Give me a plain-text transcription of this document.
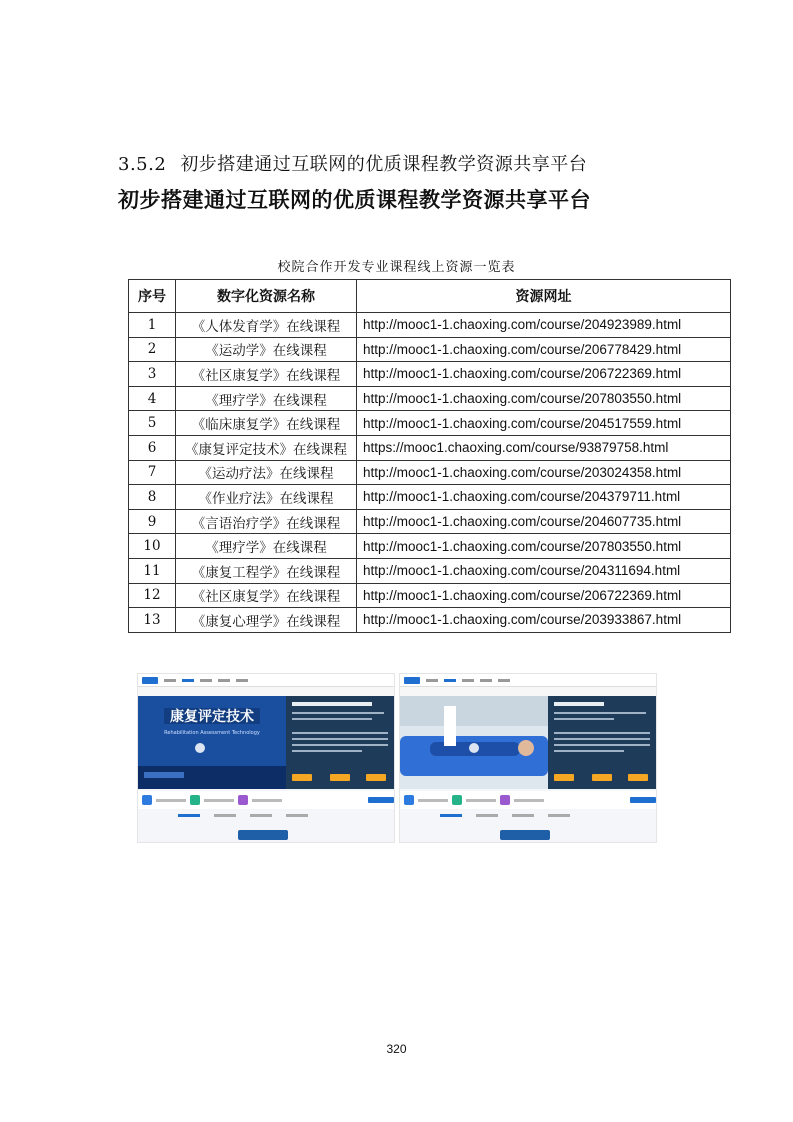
3.5.2 初步搭建通过互联网的优质课程教学资源共享平台
初步搭建通过互联网的优质课程教学资源共享平台
校院合作开发专业课程线上资源一览表
序号	数字化资源名称	资源网址
1	《人体发育学》在线课程	http://mooc1-1.chaoxing.com/course/204923989.html
2	《运动学》在线课程	http://mooc1-1.chaoxing.com/course/206778429.html
3	《社区康复学》在线课程	http://mooc1-1.chaoxing.com/course/206722369.html
4	《理疗学》在线课程	http://mooc1-1.chaoxing.com/course/207803550.html
5	《临床康复学》在线课程	http://mooc1-1.chaoxing.com/course/204517559.html
6	《康复评定技术》在线课程	https://mooc1.chaoxing.com/course/93879758.html
7	《运动疗法》在线课程	http://mooc1-1.chaoxing.com/course/203024358.html
8	《作业疗法》在线课程	http://mooc1-1.chaoxing.com/course/204379711.html
9	《言语治疗学》在线课程	http://mooc1-1.chaoxing.com/course/204607735.html
10	《理疗学》在线课程	http://mooc1-1.chaoxing.com/course/207803550.html
11	《康复工程学》在线课程	http://mooc1-1.chaoxing.com/course/204311694.html
12	《社区康复学》在线课程	http://mooc1-1.chaoxing.com/course/206722369.html
13	《康复心理学》在线课程	http://mooc1-1.chaoxing.com/course/203933867.html
康复评定技术
Rehabilitation Assessment Technology
320
